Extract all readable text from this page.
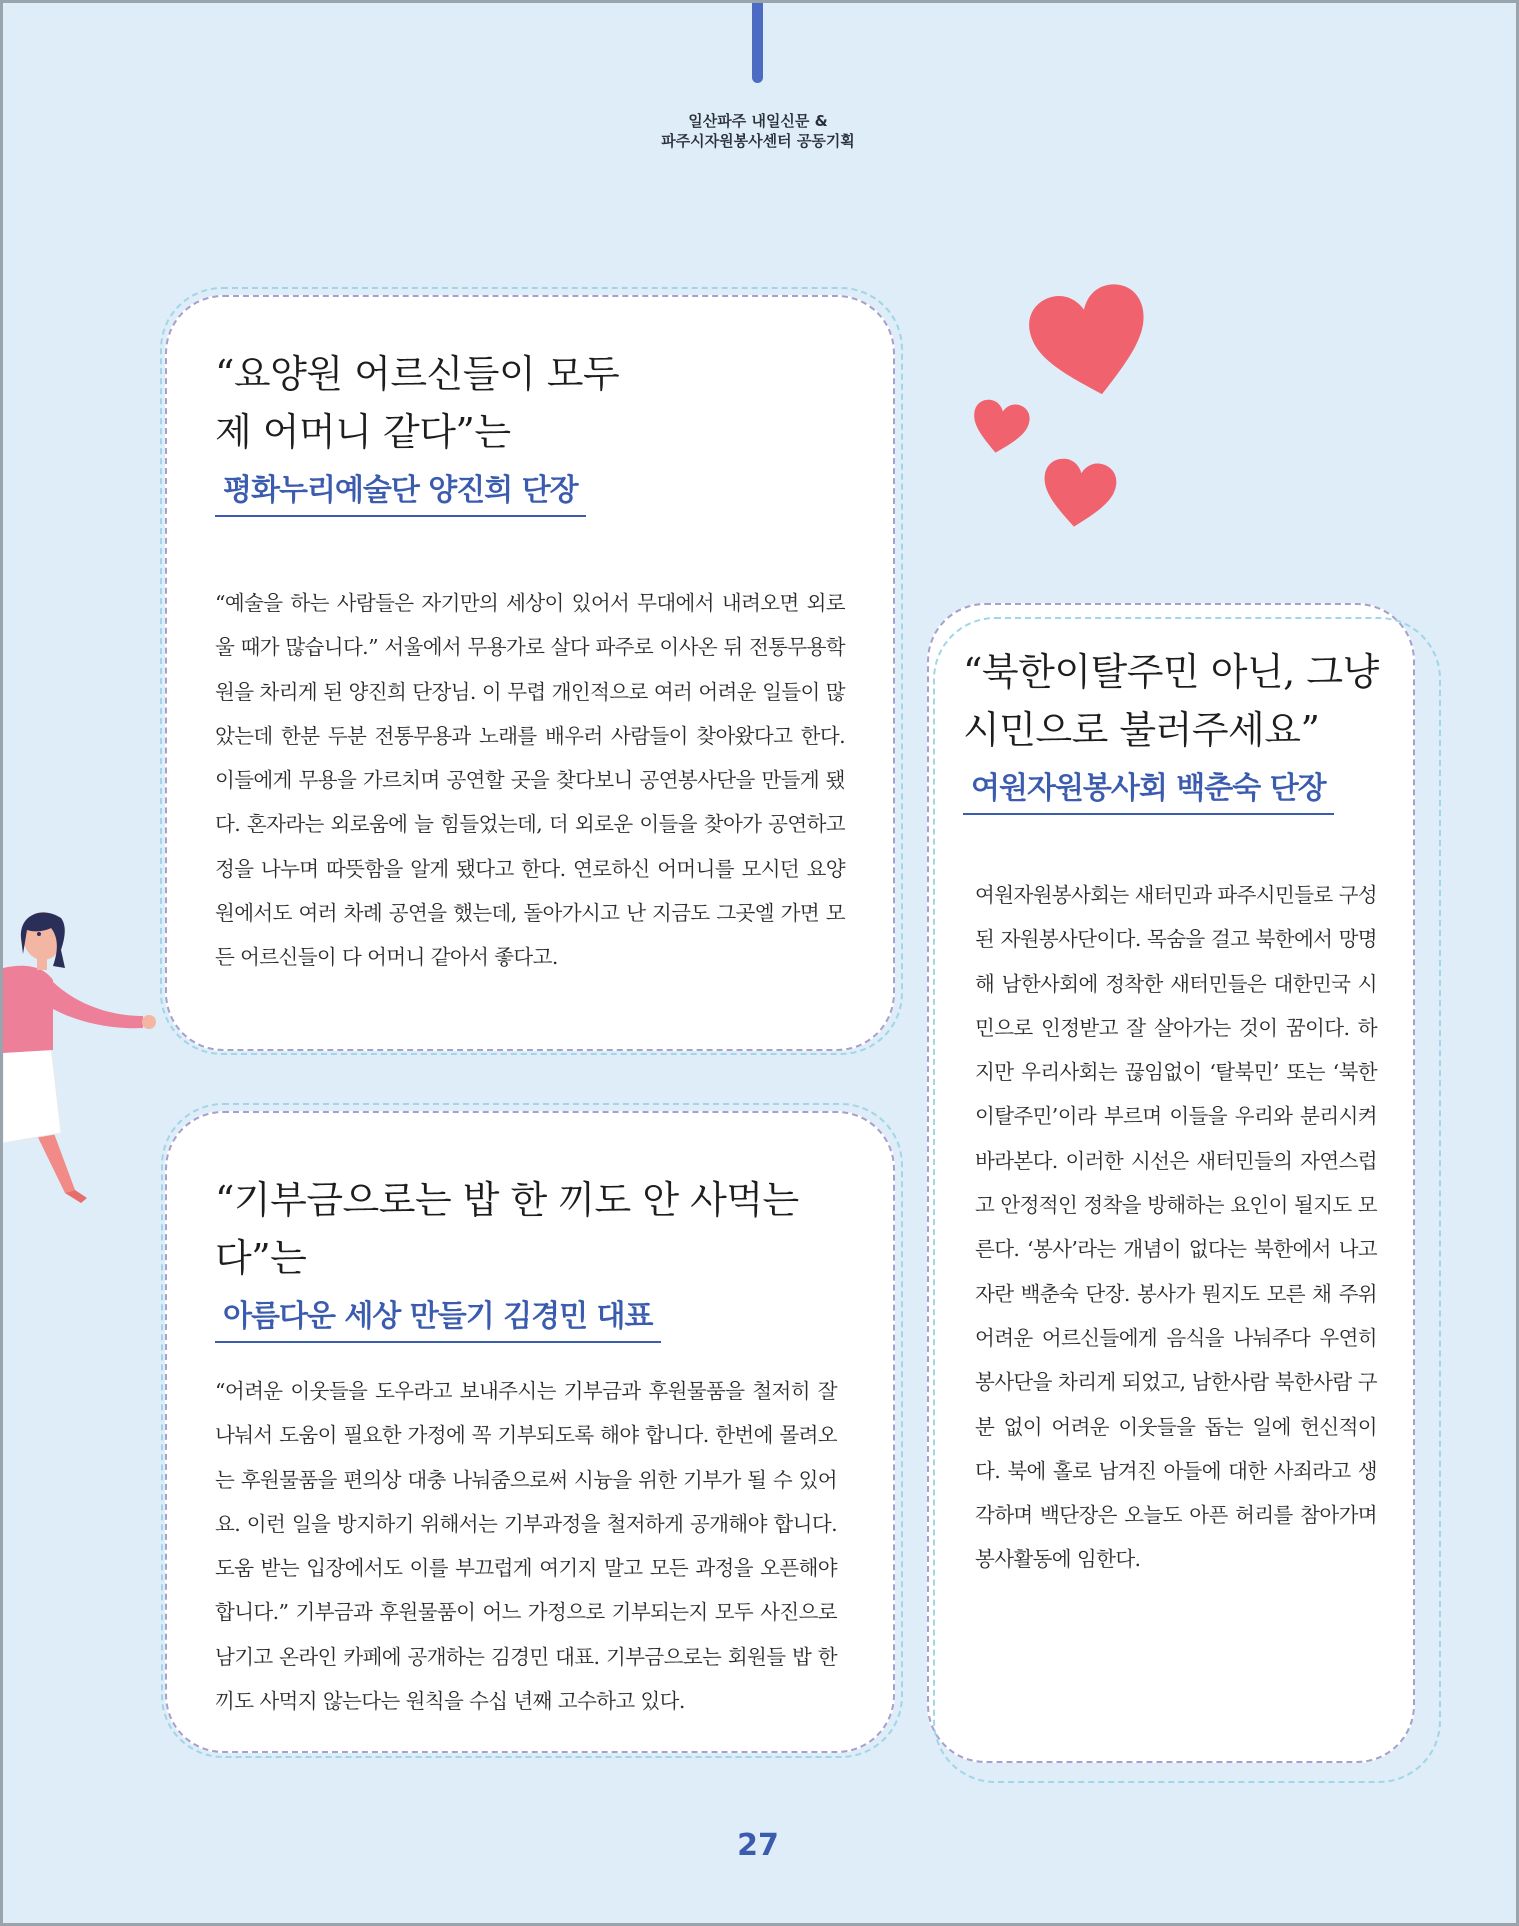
일산파주 내일신문 &
파주시자원봉사센터 공동기획

“요양원 어르신들이 모두

제 어머니 같다”는

평화누리예술단 양진희 단장

“예술을 하는 사람들은 자기만의 세상이 있어서 무대에서 내려오면 외로울 때가 많습니다.” 서울에서 무용가로 살다 파주로 이사온 뒤 전통무용학원을 차리게 된 양진희 단장님. 이 무렵 개인적으로 여러 어려운 일들이 많았는데 한분 두분 전통무용과 노래를 배우러 사람들이 찾아왔다고 한다. 이들에게 무용을 가르치며 공연할 곳을 찾다보니 공연봉사단을 만들게 됐다. 혼자라는 외로움에 늘 힘들었는데, 더 외로운 이들을 찾아가 공연하고 정을 나누며 따뜻함을 알게 됐다고 한다. 연로하신 어머니를 모시던 요양원에서도 여러 차례 공연을 했는데, 돌아가시고 난 지금도 그곳엘 가면 모든 어르신들이 다 어머니 같아서 좋다고.

“기부금으로는 밥 한 끼도 안 사먹는다”는

아름다운 세상 만들기 김경민 대표

“어려운 이웃들을 도우라고 보내주시는 기부금과 후원물품을 철저히 잘 나눠서 도움이 필요한 가정에 꼭 기부되도록 해야 합니다. 한번에 몰려오는 후원물품을 편의상 대충 나눠줌으로써 시늉을 위한 기부가 될 수 있어요. 이런 일을 방지하기 위해서는 기부과정을 철저하게 공개해야 합니다. 도움 받는 입장에서도 이를 부끄럽게 여기지 말고 모든 과정을 오픈해야 합니다.” 기부금과 후원물품이 어느 가정으로 기부되는지 모두 사진으로 남기고 온라인 카페에 공개하는 김경민 대표. 기부금으로는 회원들 밥 한 끼도 사먹지 않는다는 원칙을 수십 년째 고수하고 있다.

“북한이탈주민 아닌, 그냥

시민으로 불러주세요”

여원자원봉사회 백춘숙 단장

여원자원봉사회는 새터민과 파주시민들로 구성된 자원봉사단이다. 목숨을 걸고 북한에서 망명해 남한사회에 정착한 새터민들은 대한민국 시민으로 인정받고 잘 살아가는 것이 꿈이다. 하지만 우리사회는 끊임없이 ‘탈북민’ 또는 ‘북한이탈주민’이라 부르며 이들을 우리와 분리시켜 바라본다. 이러한 시선은 새터민들의 자연스럽고 안정적인 정착을 방해하는 요인이 될지도 모른다. ‘봉사’라는 개념이 없다는 북한에서 나고 자란 백춘숙 단장. 봉사가 뭔지도 모른 채 주위 어려운 어르신들에게 음식을 나눠주다 우연히 봉사단을 차리게 되었고, 남한사람 북한사람 구분 없이 어려운 이웃들을 돕는 일에 헌신적이다. 북에 홀로 남겨진 아들에 대한 사죄라고 생각하며 백단장은 오늘도 아픈 허리를 참아가며 봉사활동에 임한다.

27
